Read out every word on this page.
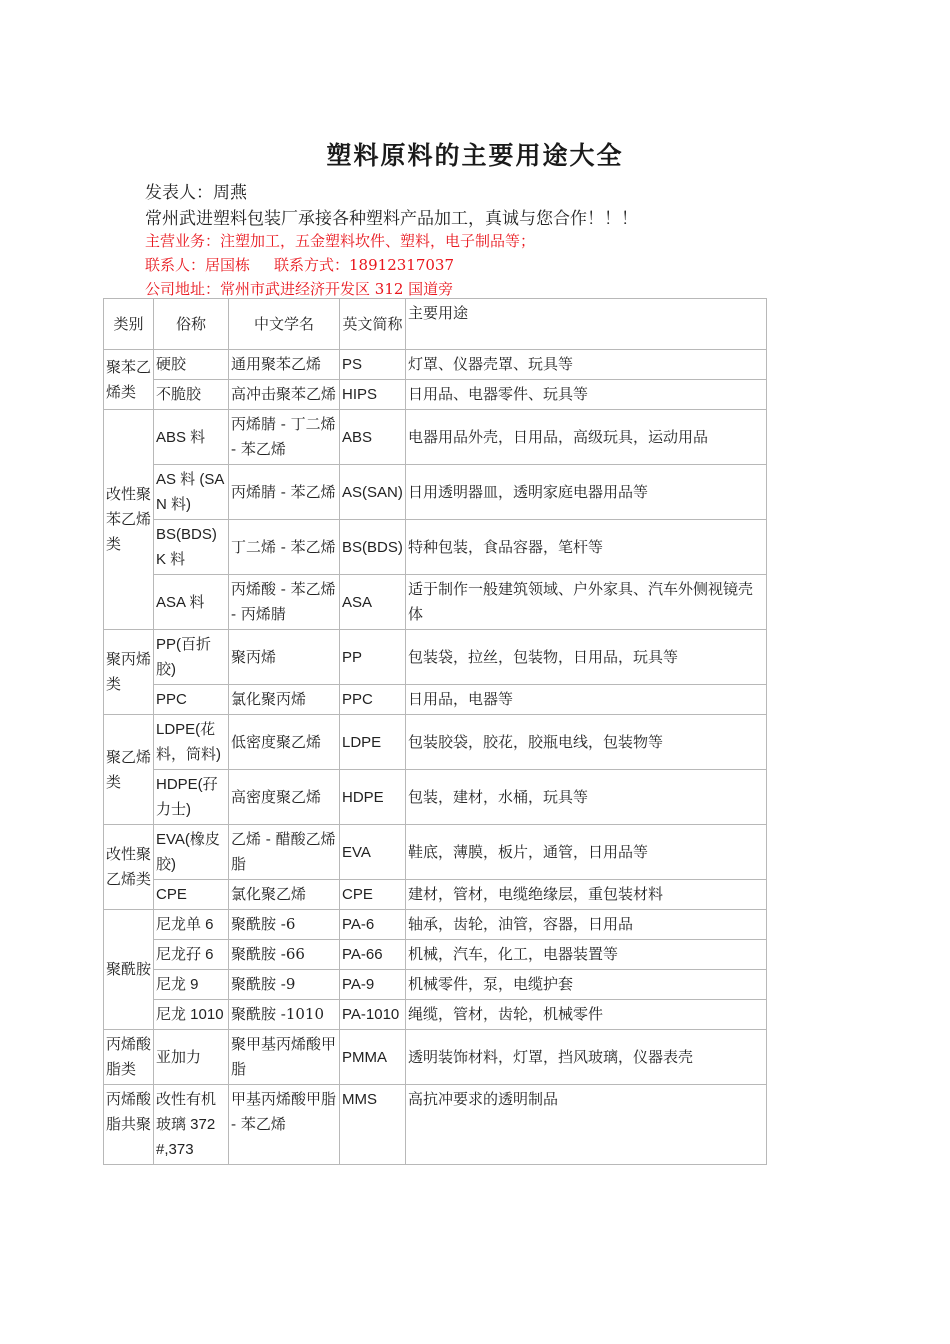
塑料原料的主要用途大全
发表人：周燕
常州武进塑料包装厂承接各种塑料产品加工，真诚与您合作！！！
主营业务：注塑加工，五金塑料坎件、塑料，电子制品等；
联系人：居国栋 联系方式：18912317037
公司地址：常州市武进经济开发区 312 国道旁
类别	俗称	中文学名	英文简称	主要用途
聚苯乙烯类	硬胶	通用聚苯乙烯	PS	灯罩、仪器壳罩、玩具等
	不脆胶	高冲击聚苯乙烯	HIPS	日用品、电器零件、玩具等
改性聚苯乙烯类	ABS 料	丙烯腈 - 丁二烯 - 苯乙烯	ABS	电器用品外壳，日用品，高级玩具，运动用品
	AS 料 (SAN 料)	丙烯腈 - 苯乙烯	AS(SAN)	日用透明器皿，透明家庭电器用品等
	BS(BDS) K 料	丁二烯 - 苯乙烯	BS(BDS)	特种包装，食品容器，笔杆等
	ASA 料	丙烯酸 - 苯乙烯 - 丙烯腈	ASA	适于制作一般建筑领域、户外家具、汽车外侧视镜壳体
聚丙烯类	PP(百折胶)	聚丙烯	PP	包装袋，拉丝，包装物，日用品，玩具等
	PPC	氯化聚丙烯	PPC	日用品，电器等
聚乙烯类	LDPE(花料，筒料)	低密度聚乙烯	LDPE	包装胶袋，胶花，胶瓶电线，包装物等
	HDPE(孖力士)	高密度聚乙烯	HDPE	包装，建材，水桶，玩具等
改性聚乙烯类	EVA(橡皮胶)	乙烯 - 醋酸乙烯脂	EVA	鞋底，薄膜，板片，通管，日用品等
	CPE	氯化聚乙烯	CPE	建材，管材，电缆绝缘层，重包装材料
聚酰胺	尼龙单 6	聚酰胺 -6	PA-6	轴承，齿轮，油管，容器，日用品
	尼龙孖 6	聚酰胺 -66	PA-66	机械，汽车，化工，电器装置等
	尼龙 9	聚酰胺 -9	PA-9	机械零件，泵，电缆护套
	尼龙 1010	聚酰胺 -1010	PA-1010	绳缆，管材，齿轮，机械零件
丙烯酸脂类	亚加力	聚甲基丙烯酸甲脂	PMMA	透明装饰材料，灯罩，挡风玻璃，仪器表壳
丙烯酸脂共聚	改性有机玻璃 372#,373	甲基丙烯酸甲脂 - 苯乙烯	MMS	高抗冲要求的透明制品
